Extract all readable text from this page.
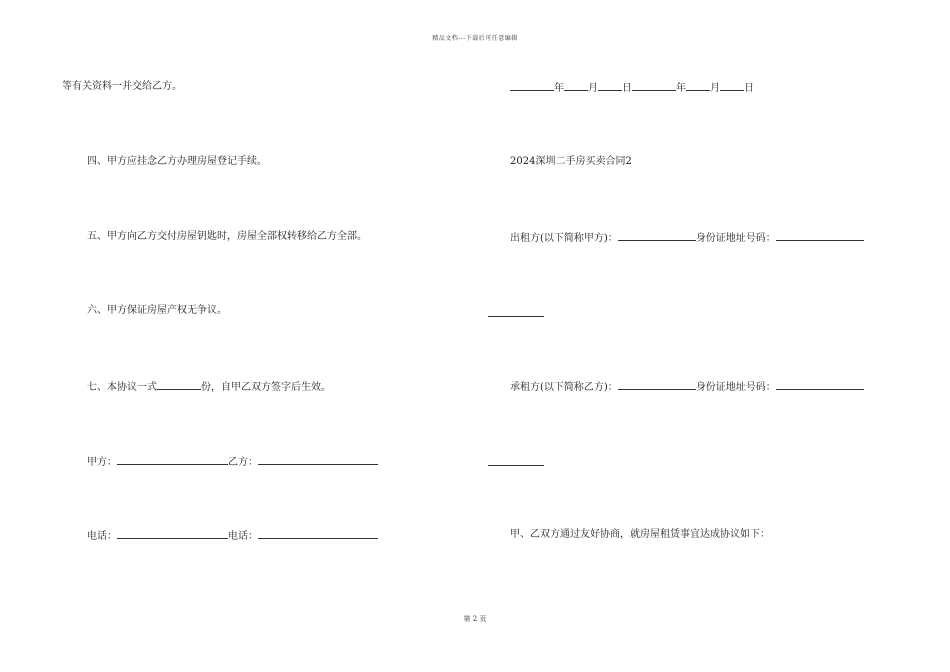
精品文档---下载后可任意编辑
等有关资料一并交给乙方。
四、甲方应挂念乙方办理房屋登记手续。
五、甲方向乙方交付房屋钥匙时，房屋全部权转移给乙方全部。
六、甲方保证房屋产权无争议。
七、本协议一式	份，自甲乙双方签字后生效。
甲方：	乙方：
电话：	电话：
年 月 日	年 月 日
2024深圳二手房买卖合同2
出租方(以下简称甲方)：	身份证地址号码：
承租方(以下简称乙方)：	身份证地址号码：
甲、乙双方通过友好协商，就房屋租赁事宜达成协议如下：
第 2 页
